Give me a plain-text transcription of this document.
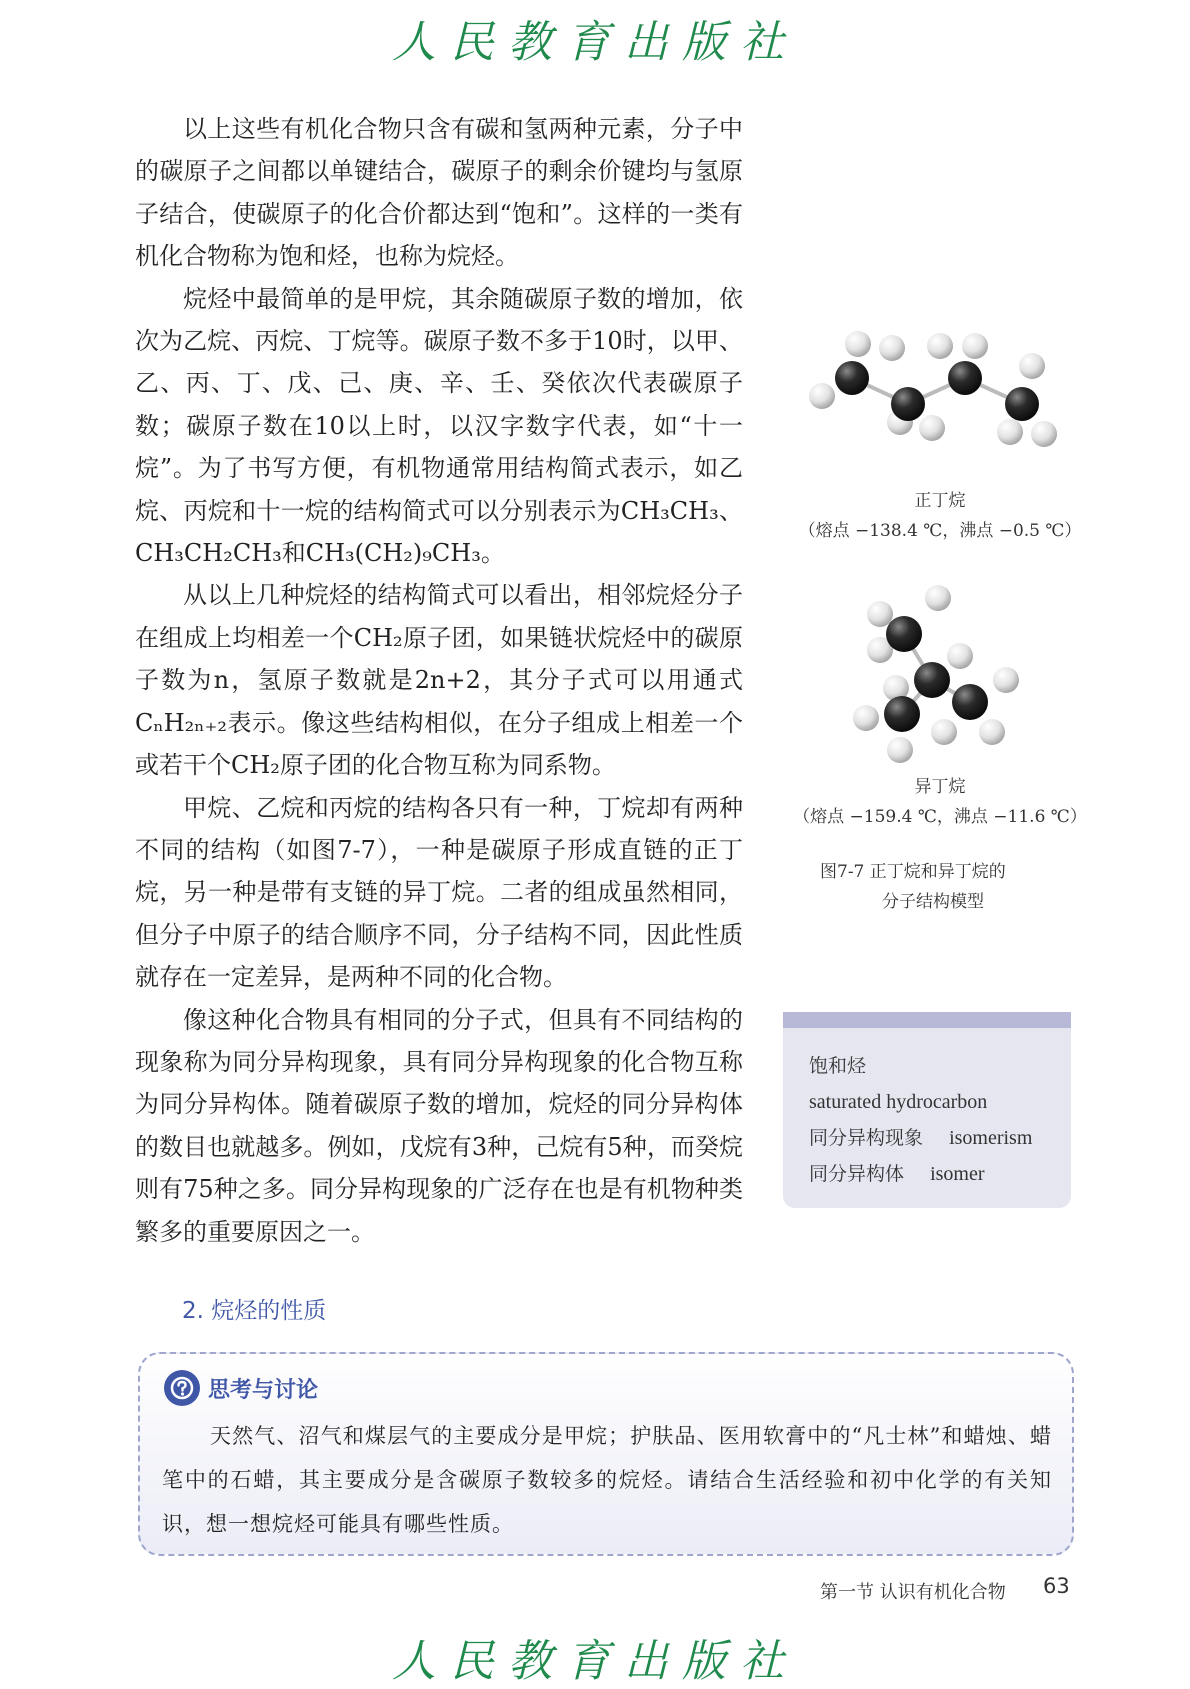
人民教育出版社

以上这些有机化合物只含有碳和氢两种元素，分子中的碳原子之间都以单键结合，碳原子的剩余价键均与氢原子结合，使碳原子的化合价都达到“饱和”。这样的一类有机化合物称为饱和烃，也称为烷烃。

烷烃中最简单的是甲烷，其余随碳原子数的增加，依次为乙烷、丙烷、丁烷等。碳原子数不多于10时，以甲、乙、丙、丁、戊、己、庚、辛、壬、癸依次代表碳原子数；碳原子数在10以上时，以汉字数字代表，如“十一烷”。为了书写方便，有机物通常用结构简式表示，如乙烷、丙烷和十一烷的结构简式可以分别表示为CH₃CH₃、CH₃CH₂CH₃和CH₃(CH₂)₉CH₃。

从以上几种烷烃的结构简式可以看出，相邻烷烃分子在组成上均相差一个CH₂原子团，如果链状烷烃中的碳原子数为n，氢原子数就是2n+2，其分子式可以用通式CₙH₂ₙ₊₂表示。像这些结构相似，在分子组成上相差一个或若干个CH₂原子团的化合物互称为同系物。

甲烷、乙烷和丙烷的结构各只有一种，丁烷却有两种不同的结构（如图7-7），一种是碳原子形成直链的正丁烷，另一种是带有支链的异丁烷。二者的组成虽然相同，但分子中原子的结合顺序不同，分子结构不同，因此性质就存在一定差异，是两种不同的化合物。

像这种化合物具有相同的分子式，但具有不同结构的现象称为同分异构现象，具有同分异构现象的化合物互称为同分异构体。随着碳原子数的增加，烷烃的同分异构体的数目也就越多。例如，戊烷有3种，己烷有5种，而癸烷则有75种之多。同分异构现象的广泛存在也是有机物种类繁多的重要原因之一。

正丁烷
（熔点 −138.4 ℃，沸点 −0.5 ℃）
异丁烷
（熔点 −159.4 ℃，沸点 −11.6 ℃）
图7-7 正丁烷和异丁烷的
分子结构模型
饱和烃
saturated hydrocarbon
同分异构现象 isomerism
同分异构体 isomer
2. 烷烃的性质
思考与讨论
天然气、沼气和煤层气的主要成分是甲烷；护肤品、医用软膏中的“凡士林”和蜡烛、蜡笔中的石蜡，其主要成分是含碳原子数较多的烷烃。请结合生活经验和初中化学的有关知识，想一想烷烃可能具有哪些性质。
第一节 认识有机化合物 63
人民教育出版社
